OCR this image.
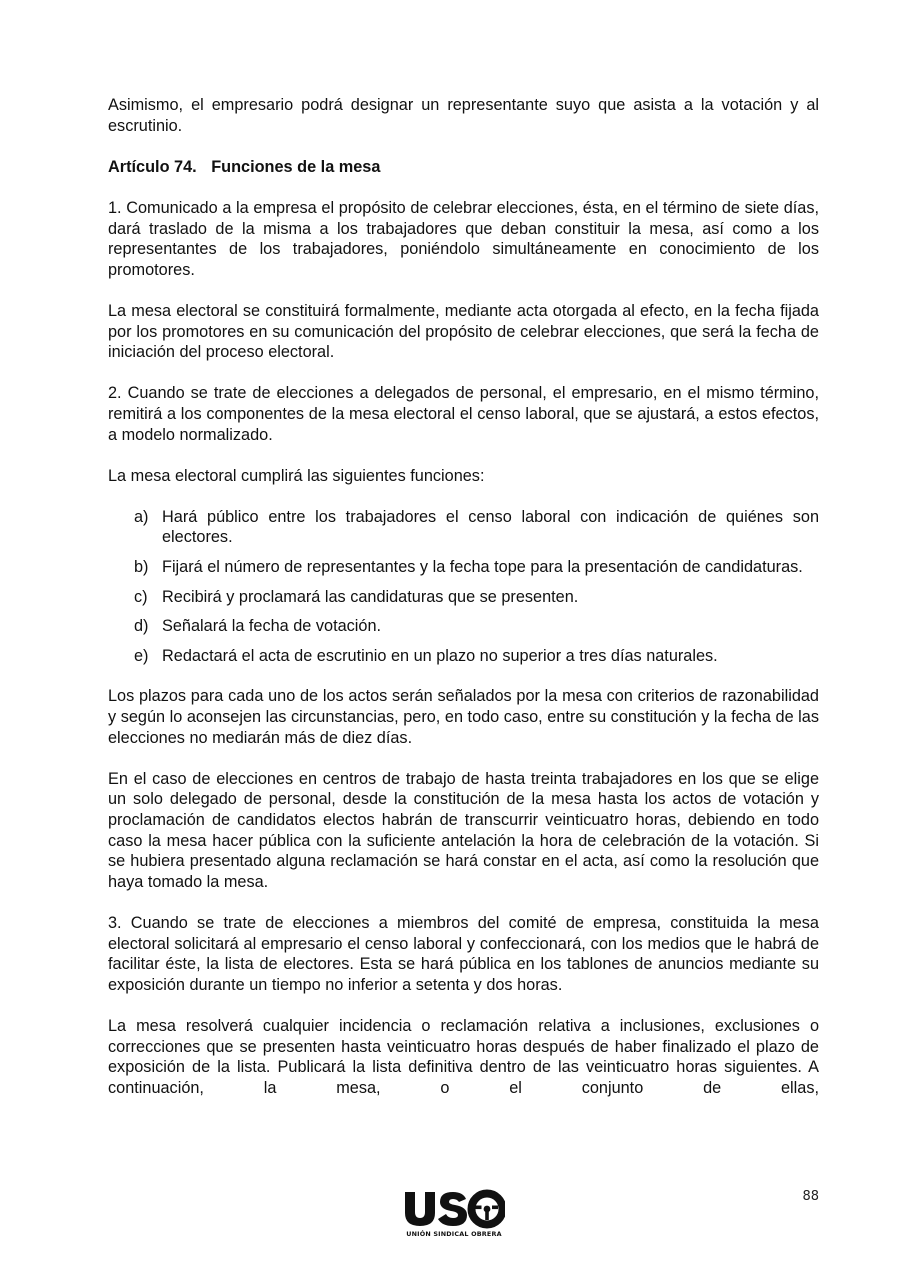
Asimismo, el empresario podrá designar un representante suyo que asista a la votación y al escrutinio.

Artículo 74. Funciones de la mesa

1. Comunicado a la empresa el propósito de celebrar elecciones, ésta, en el término de siete días, dará traslado de la misma a los trabajadores que deban constituir la mesa, así como a los representantes de los trabajadores, poniéndolo simultáneamente en conocimiento de los promotores.

La mesa electoral se constituirá formalmente, mediante acta otorgada al efecto, en la fecha fijada por los promotores en su comunicación del propósito de celebrar elecciones, que será la fecha de iniciación del proceso electoral.

2. Cuando se trate de elecciones a delegados de personal, el empresario, en el mismo término, remitirá a los componentes de la mesa electoral el censo laboral, que se ajustará, a estos efectos, a modelo normalizado.

La mesa electoral cumplirá las siguientes funciones:

a) Hará público entre los trabajadores el censo laboral con indicación de quiénes son electores.
b) Fijará el número de representantes y la fecha tope para la presentación de candidaturas.
c) Recibirá y proclamará las candidaturas que se presenten.
d) Señalará la fecha de votación.
e) Redactará el acta de escrutinio en un plazo no superior a tres días naturales.

Los plazos para cada uno de los actos serán señalados por la mesa con criterios de razonabilidad y según lo aconsejen las circunstancias, pero, en todo caso, entre su constitución y la fecha de las elecciones no mediarán más de diez días.

En el caso de elecciones en centros de trabajo de hasta treinta trabajadores en los que se elige un solo delegado de personal, desde la constitución de la mesa hasta los actos de votación y proclamación de candidatos electos habrán de transcurrir veinticuatro horas, debiendo en todo caso la mesa hacer pública con la suficiente antelación la hora de celebración de la votación. Si se hubiera presentado alguna reclamación se hará constar en el acta, así como la resolución que haya tomado la mesa.

3. Cuando se trate de elecciones a miembros del comité de empresa, constituida la mesa electoral solicitará al empresario el censo laboral y confeccionará, con los medios que le habrá de facilitar éste, la lista de electores. Esta se hará pública en los tablones de anuncios mediante su exposición durante un tiempo no inferior a setenta y dos horas.

La mesa resolverá cualquier incidencia o reclamación relativa a inclusiones, exclusiones o correcciones que se presenten hasta veinticuatro horas después de haber finalizado el plazo de exposición de la lista. Publicará la lista definitiva dentro de las veinticuatro horas siguientes. A continuación, la mesa, o el conjunto de ellas,

UNIÓN SINDICAL OBRERA
88
